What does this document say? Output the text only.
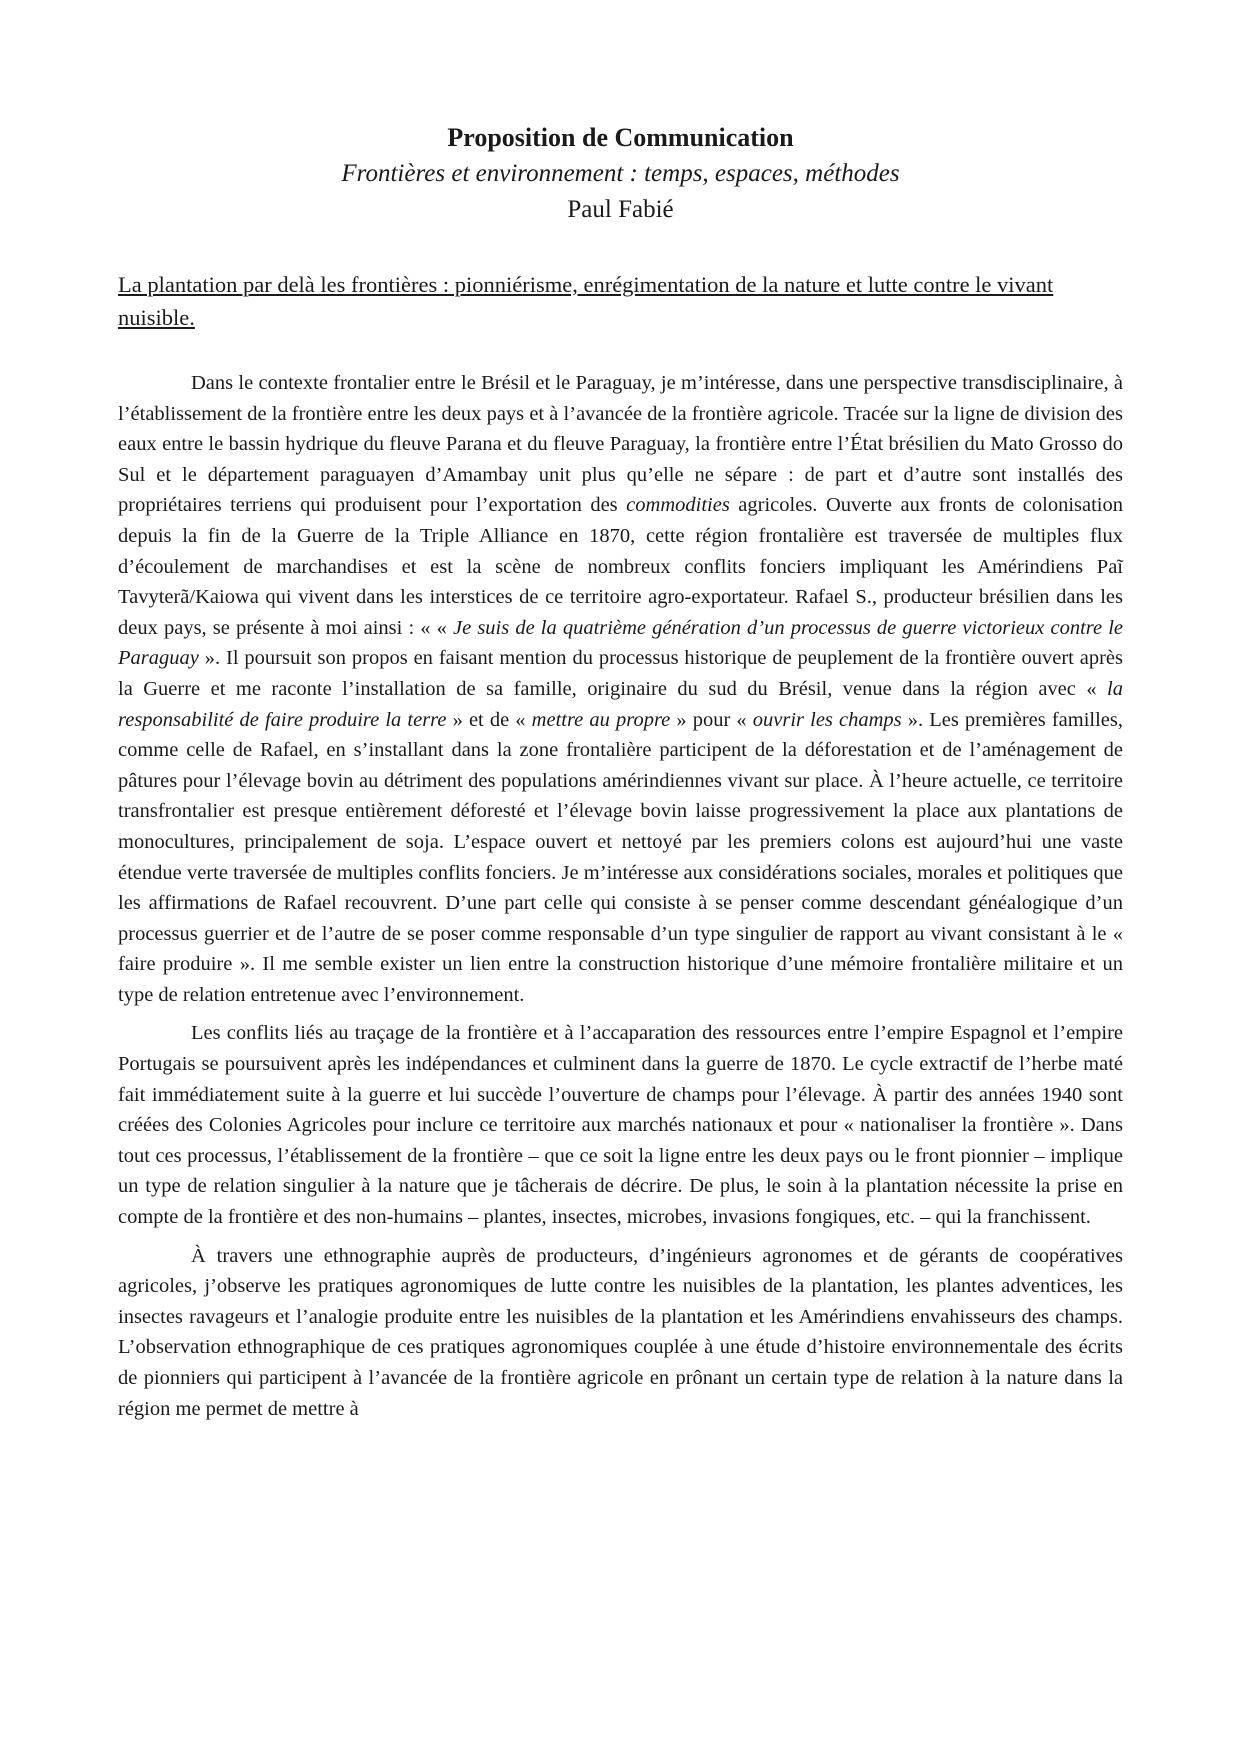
Proposition de Communication

Frontières et environnement : temps, espaces, méthodes

Paul Fabié

La plantation par delà les frontières : pionniérisme, enrégimentation de la nature et lutte contre le vivant nuisible.

Dans le contexte frontalier entre le Brésil et le Paraguay, je m’intéresse, dans une perspective transdisciplinaire, à l’établissement de la frontière entre les deux pays et à l’avancée de la frontière agricole. Tracée sur la ligne de division des eaux entre le bassin hydrique du fleuve Parana et du fleuve Paraguay, la frontière entre l’État brésilien du Mato Grosso do Sul et le département paraguayen d’Amambay unit plus qu’elle ne sépare : de part et d’autre sont installés des propriétaires terriens qui produisent pour l’exportation des commodities agricoles. Ouverte aux fronts de colonisation depuis la fin de la Guerre de la Triple Alliance en 1870, cette région frontalière est traversée de multiples flux d’écoulement de marchandises et est la scène de nombreux conflits fonciers impliquant les Amérindiens Paĩ Tavyterã/Kaiowa qui vivent dans les interstices de ce territoire agro-exportateur. Rafael S., producteur brésilien dans les deux pays, se présente à moi ainsi : « « Je suis de la quatrième génération d’un processus de guerre victorieux contre le Paraguay ». Il poursuit son propos en faisant mention du processus historique de peuplement de la frontière ouvert après la Guerre et me raconte l’installation de sa famille, originaire du sud du Brésil, venue dans la région avec « la responsabilité de faire produire la terre » et de « mettre au propre » pour « ouvrir les champs ». Les premières familles, comme celle de Rafael, en s’installant dans la zone frontalière participent de la déforestation et de l’aménagement de pâtures pour l’élevage bovin au détriment des populations amérindiennes vivant sur place. À l’heure actuelle, ce territoire transfrontalier est presque entièrement déforesté et l’élevage bovin laisse progressivement la place aux plantations de monocultures, principalement de soja. L’espace ouvert et nettoyé par les premiers colons est aujourd’hui une vaste étendue verte traversée de multiples conflits fonciers. Je m’intéresse aux considérations sociales, morales et politiques que les affirmations de Rafael recouvrent. D’une part celle qui consiste à se penser comme descendant généalogique d’un processus guerrier et de l’autre de se poser comme responsable d’un type singulier de rapport au vivant consistant à le « faire produire ». Il me semble exister un lien entre la construction historique d’une mémoire frontalière militaire et un type de relation entretenue avec l’environnement.

Les conflits liés au traçage de la frontière et à l’accaparation des ressources entre l’empire Espagnol et l’empire Portugais se poursuivent après les indépendances et culminent dans la guerre de 1870. Le cycle extractif de l’herbe maté fait immédiatement suite à la guerre et lui succède l’ouverture de champs pour l’élevage. À partir des années 1940 sont créées des Colonies Agricoles pour inclure ce territoire aux marchés nationaux et pour « nationaliser la frontière ». Dans tout ces processus, l’établissement de la frontière – que ce soit la ligne entre les deux pays ou le front pionnier – implique un type de relation singulier à la nature que je tâcherais de décrire. De plus, le soin à la plantation nécessite la prise en compte de la frontière et des non-humains – plantes, insectes, microbes, invasions fongiques, etc. – qui la franchissent.

À travers une ethnographie auprès de producteurs, d’ingénieurs agronomes et de gérants de coopératives agricoles, j’observe les pratiques agronomiques de lutte contre les nuisibles de la plantation, les plantes adventices, les insectes ravageurs et l’analogie produite entre les nuisibles de la plantation et les Amérindiens envahisseurs des champs. L’observation ethnographique de ces pratiques agronomiques couplée à une étude d’histoire environnementale des écrits de pionniers qui participent à l’avancée de la frontière agricole en prônant un certain type de relation à la nature dans la région me permet de mettre à
